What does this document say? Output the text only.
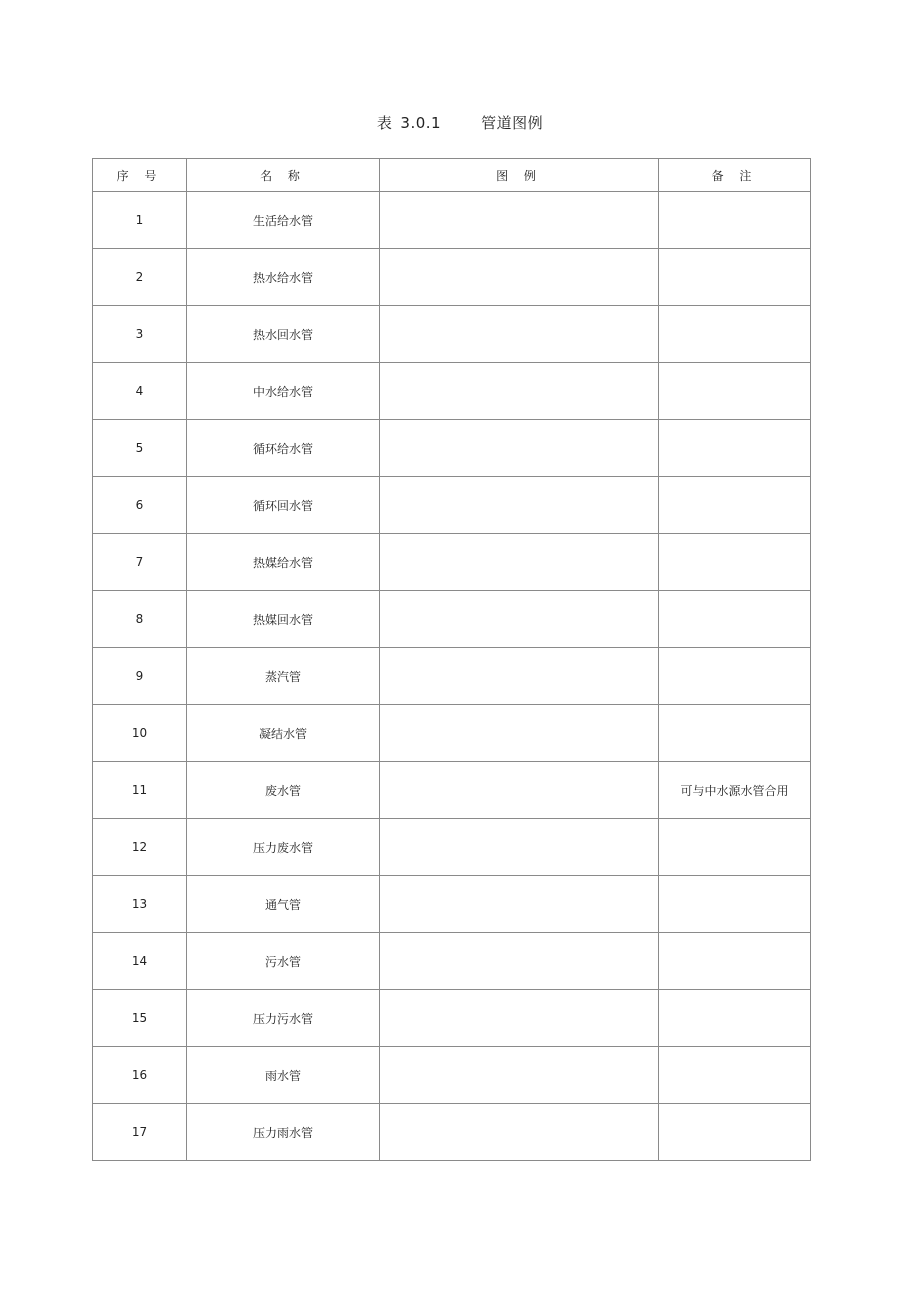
表 3.0.1	管道图例
序 号	名 称	图 例	备 注
1	生活给水管		
2	热水给水管		
3	热水回水管		
4	中水给水管		
5	循环给水管		
6	循环回水管		
7	热媒给水管		
8	热媒回水管		
9	蒸汽管		
10	凝结水管		
11	废水管		可与中水源水管合用
12	压力废水管		
13	通气管		
14	污水管		
15	压力污水管		
16	雨水管		
17	压力雨水管		
